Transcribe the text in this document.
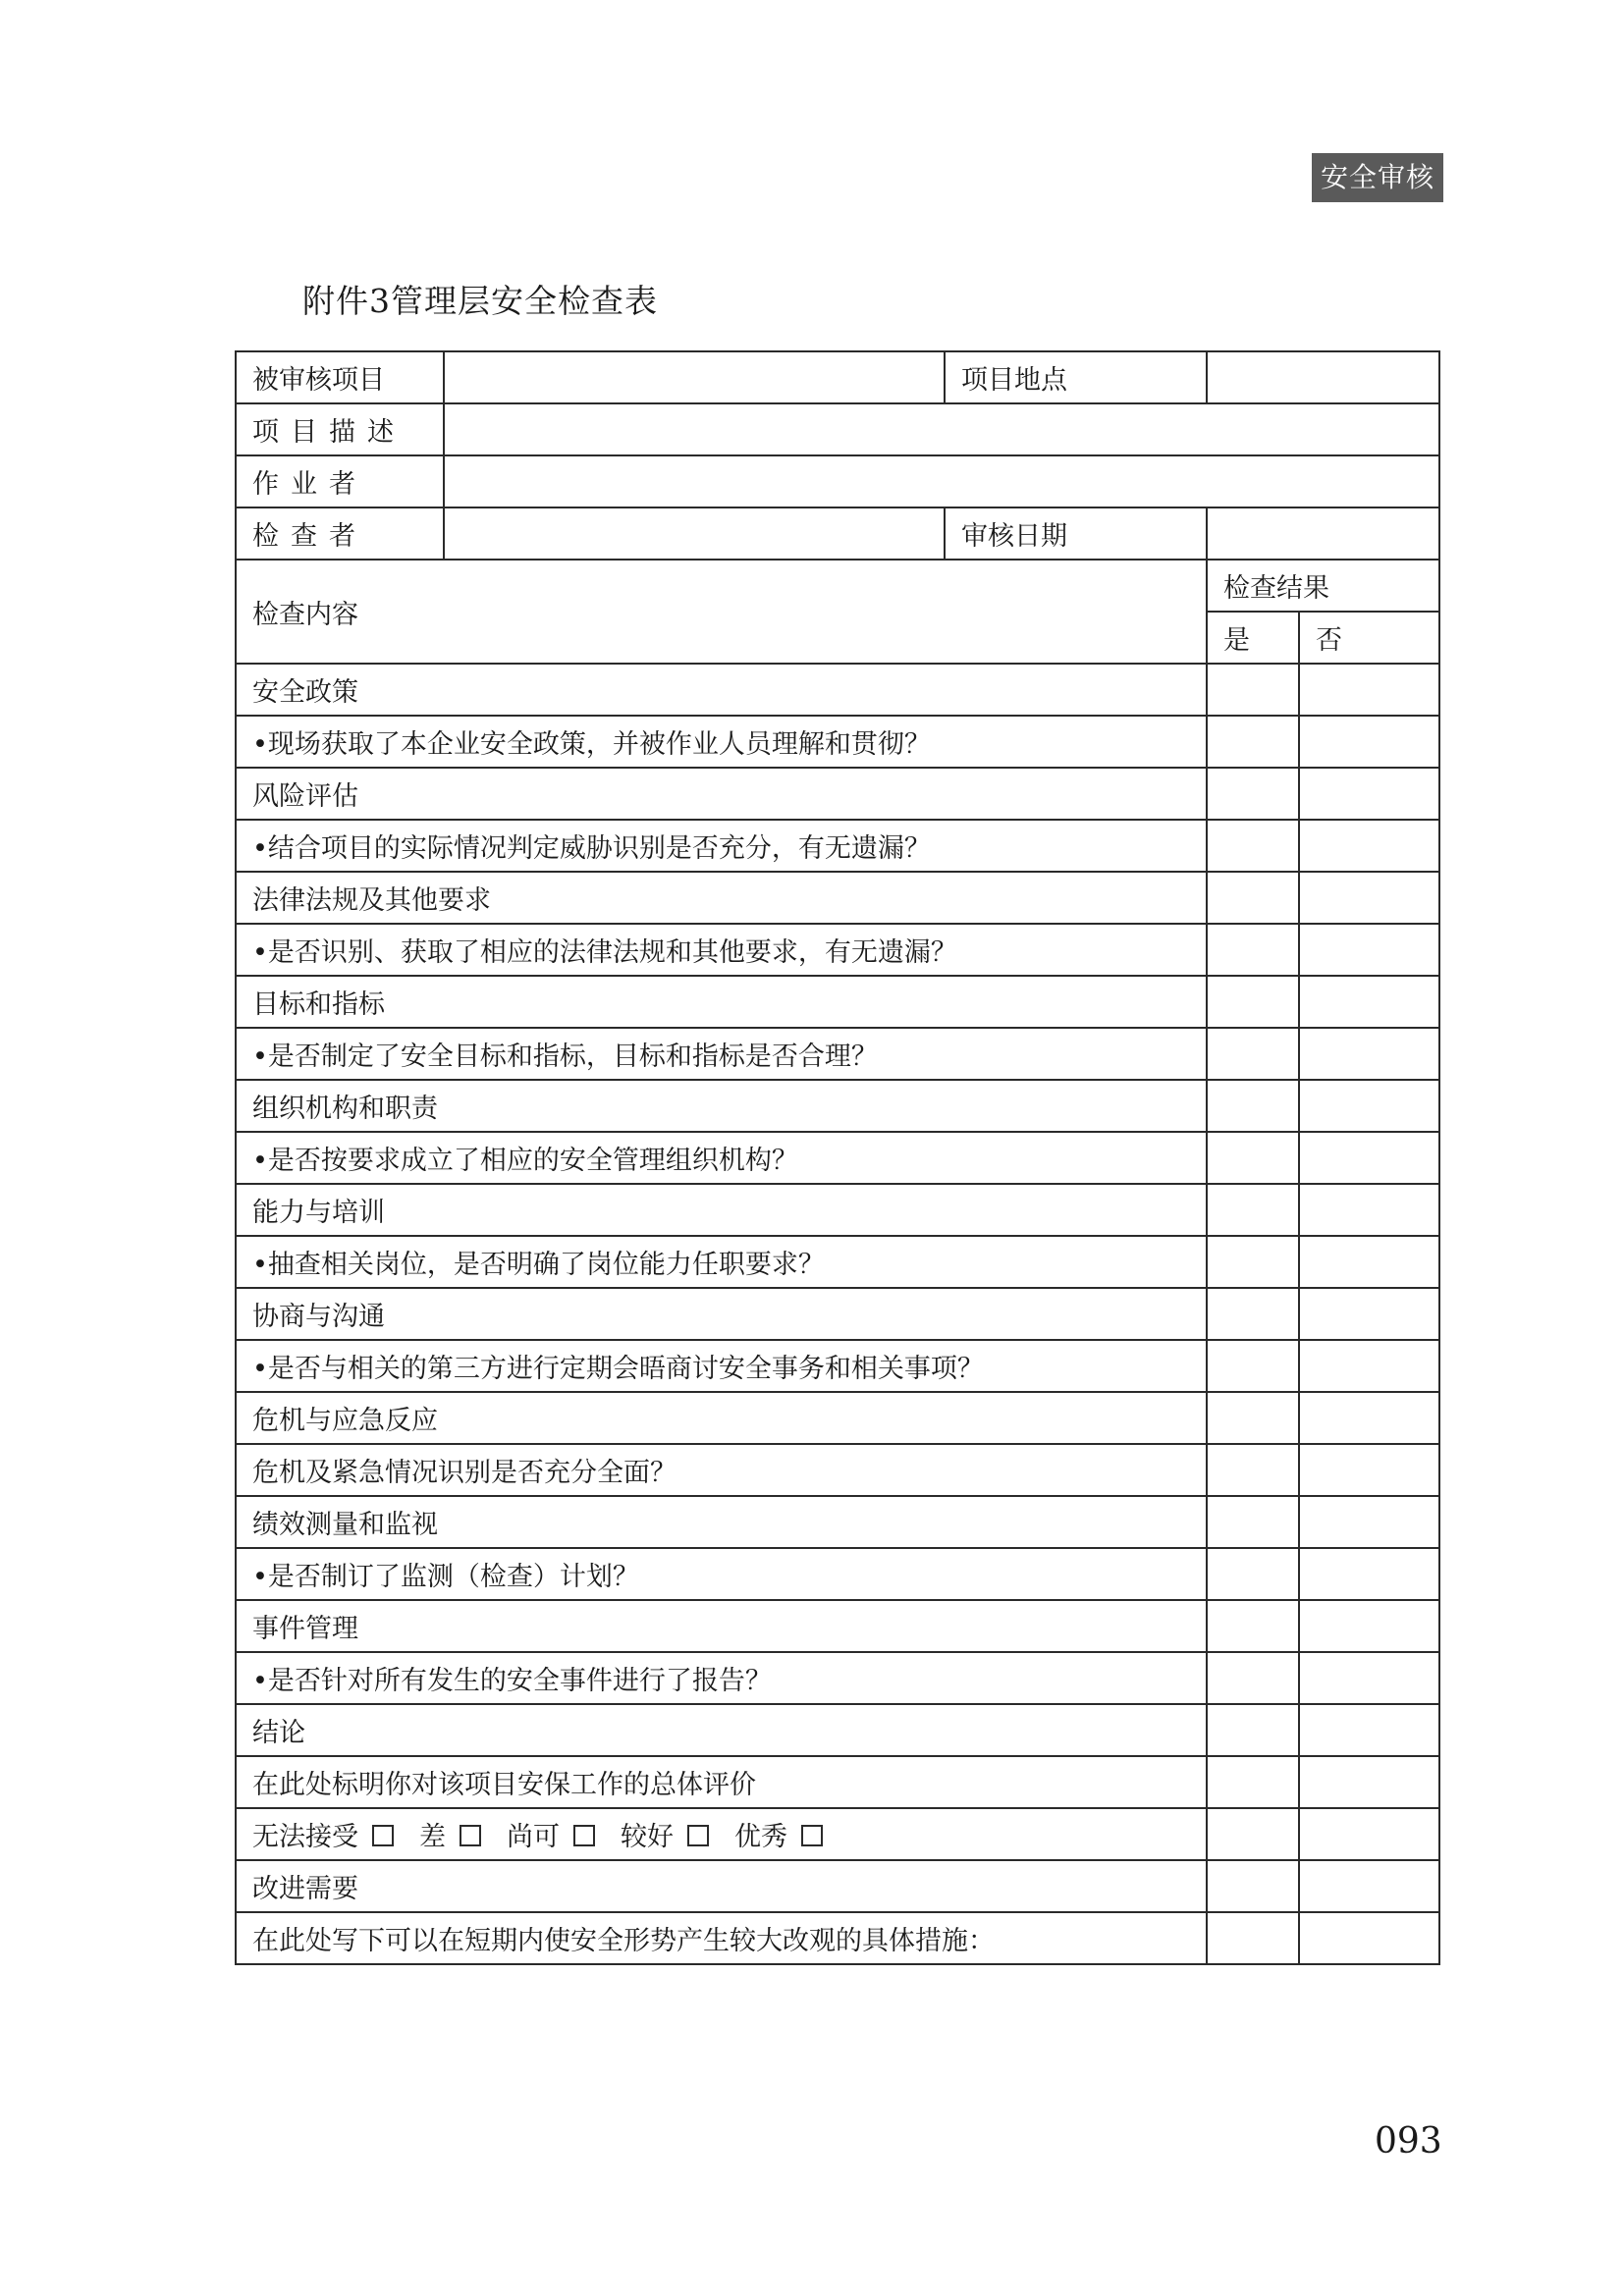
安全审核
附件3管理层安全检查表
被审核项目		项目地点		
项目描述				
作业者				
检查者		审核日期		
检查内容			检查结果	
			是	否
安全政策				
•现场获取了本企业安全政策，并被作业人员理解和贯彻？				
风险评估				
•结合项目的实际情况判定威胁识别是否充分，有无遗漏？				
法律法规及其他要求				
•是否识别、获取了相应的法律法规和其他要求，有无遗漏？				
目标和指标				
•是否制定了安全目标和指标，目标和指标是否合理？				
组织机构和职责				
•是否按要求成立了相应的安全管理组织机构？				
能力与培训				
•抽查相关岗位，是否明确了岗位能力任职要求？				
协商与沟通				
•是否与相关的第三方进行定期会晤商讨安全事务和相关事项？				
危机与应急反应				
危机及紧急情况识别是否充分全面？				
绩效测量和监视				
•是否制订了监测（检查）计划？				
事件管理				
•是否针对所有发生的安全事件进行了报告？				
结论				
在此处标明你对该项目安保工作的总体评价				
无法接受 差 尚可 较好 优秀				
改进需要				
在此处写下可以在短期内使安全形势产生较大改观的具体措施：				
093
